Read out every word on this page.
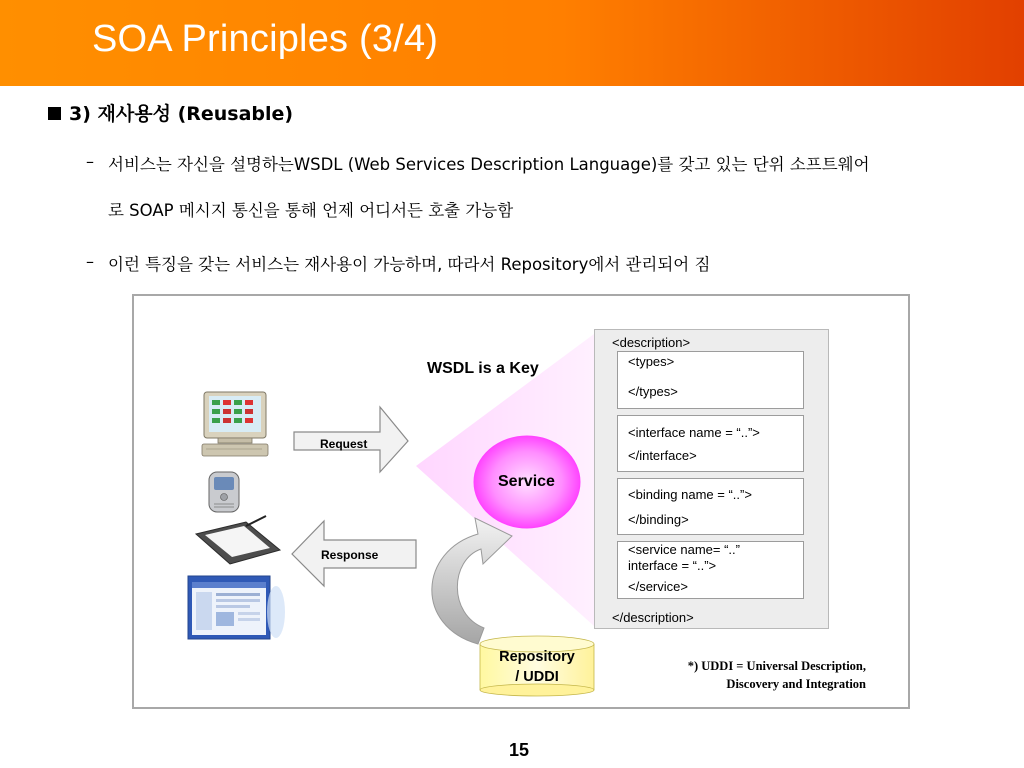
SOA Principles (3/4)
3) 재사용성 (Reusable)
– 서비스는 자신을 설명하는WSDL (Web Services Description Language)를 갖고 있는 단위 소프트웨어
로 SOAP 메시지 통신을 통해 언제 어디서든 호출 가능함
– 이런 특징을 갖는 서비스는 재사용이 가능하며, 따라서 Repository에서 관리되어 짐
WSDL is a Key
Request
Response
Service
Repository
/ UDDI
<description>
<types>
</types>
<interface name = “..”>
</interface>
<binding name = “..”>
</binding>
<service name= “..”
interface = “..”>
</service>
</description>
*) UDDI = Universal Description,
Discovery and Integration
15
